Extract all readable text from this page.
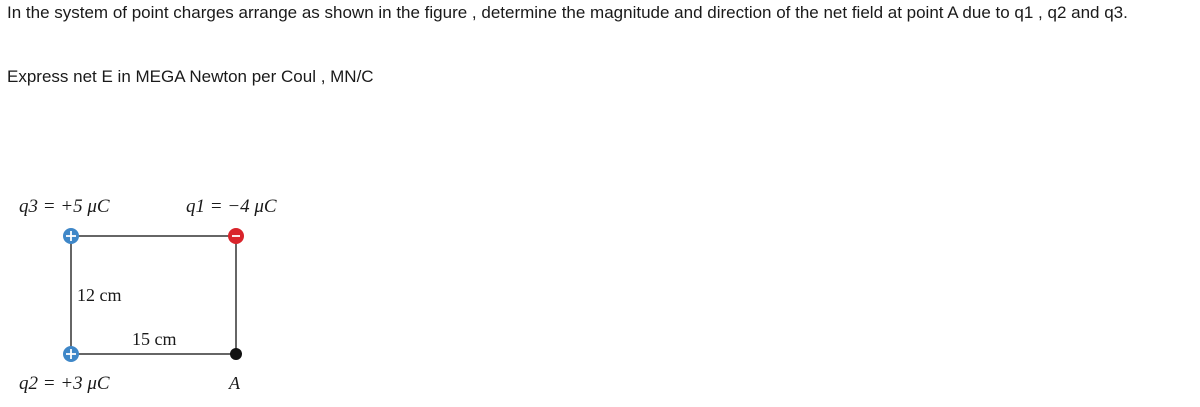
In the system of point charges arrange as shown in the figure , determine the magnitude and direction of the net field at point A due to q1 , q2 and q3.

Express net E in MEGA Newton per Coul , MN/C

q3 = +5 μC	q1 = −4 μC
q2 = +3 μC
12 cm
15 cm
A
